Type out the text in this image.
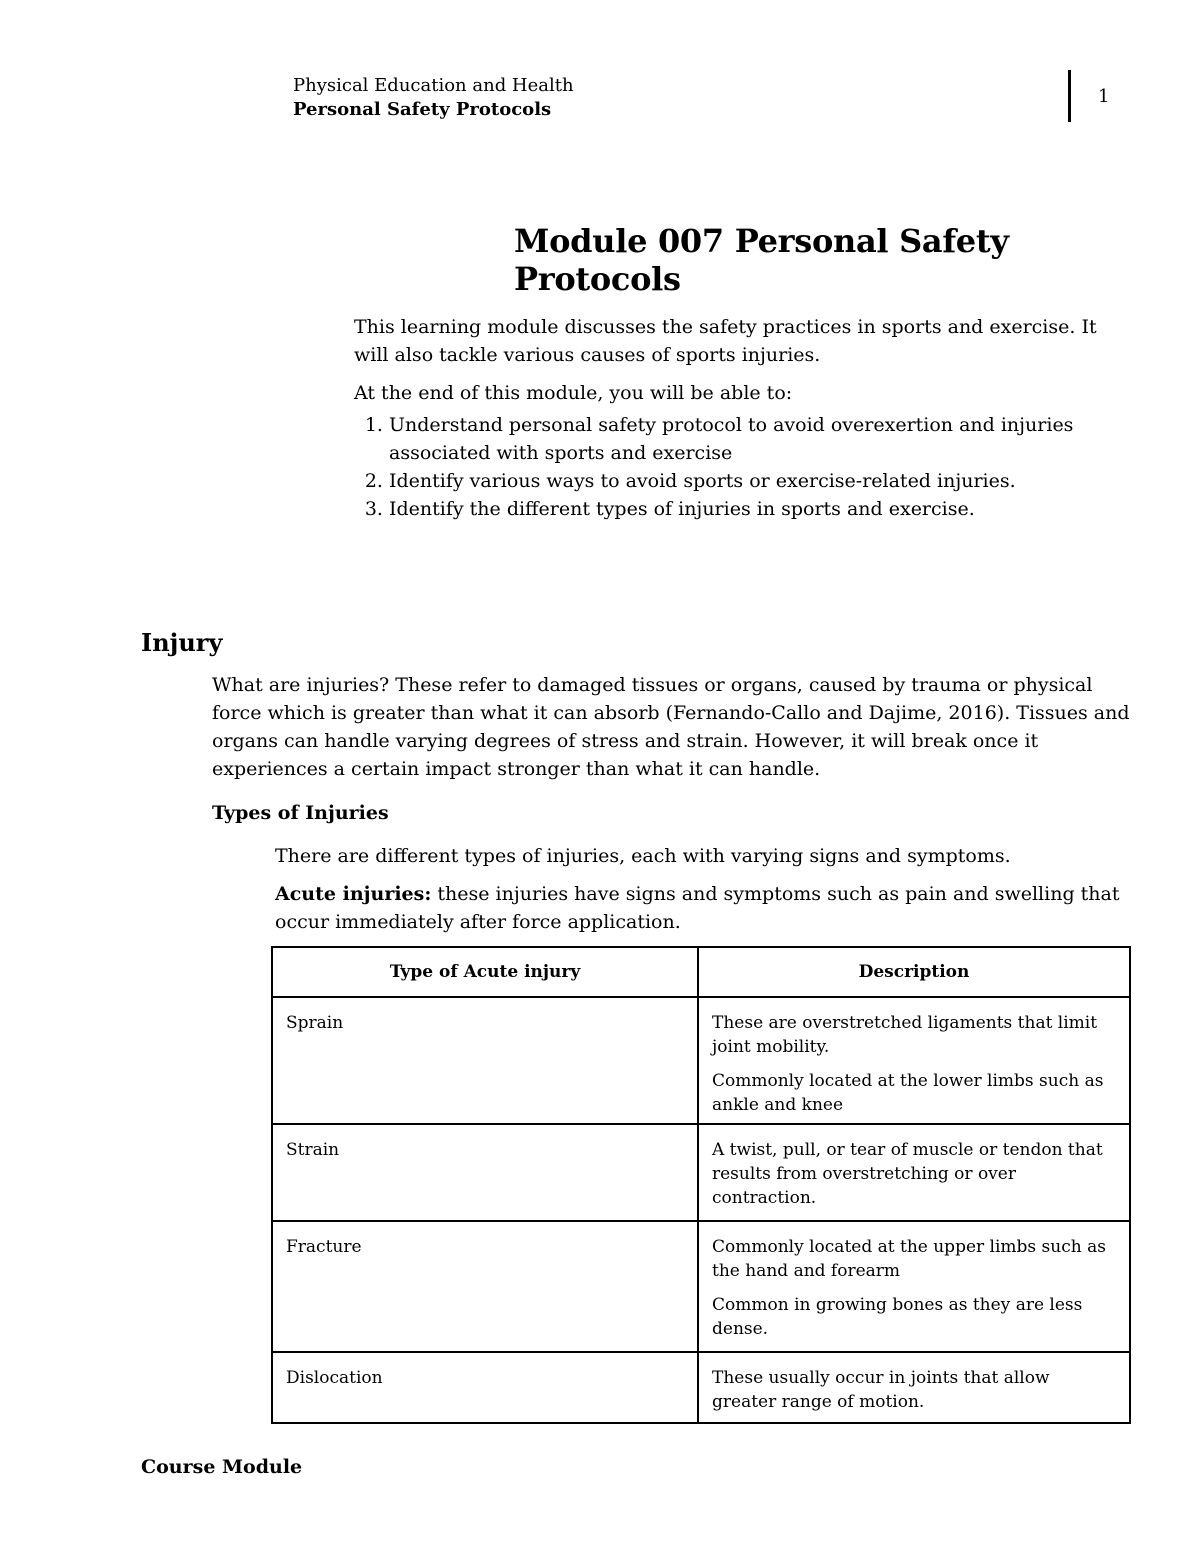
Physical Education and Health
Personal Safety Protocols
1
Module 007 Personal Safety Protocols

This learning module discusses the safety practices in sports and exercise. It will also tackle various causes of sports injuries.

At the end of this module, you will be able to:

1. Understand personal safety protocol to avoid overexertion and injuries associated with sports and exercise
2. Identify various ways to avoid sports or exercise-related injuries.
3. Identify the different types of injuries in sports and exercise.
Injury
What are injuries? These refer to damaged tissues or organs, caused by trauma or physical force which is greater than what it can absorb (Fernando-Callo and Dajime, 2016). Tissues and organs can handle varying degrees of stress and strain. However, it will break once it experiences a certain impact stronger than what it can handle.
Types of Injuries
There are different types of injuries, each with varying signs and symptoms.
Acute injuries: these injuries have signs and symptoms such as pain and swelling that occur immediately after force application.
Type of Acute injury	Description
Sprain	These are overstretched ligaments that limit joint mobility.

Commonly located at the lower limbs such as ankle and knee

Strain	A twist, pull, or tear of muscle or tendon that results from overstretching or over contraction.

Fracture	Commonly located at the upper limbs such as the hand and forearm

Common in growing bones as they are less dense.

Dislocation	These usually occur in joints that allow greater range of motion.

Course Module
